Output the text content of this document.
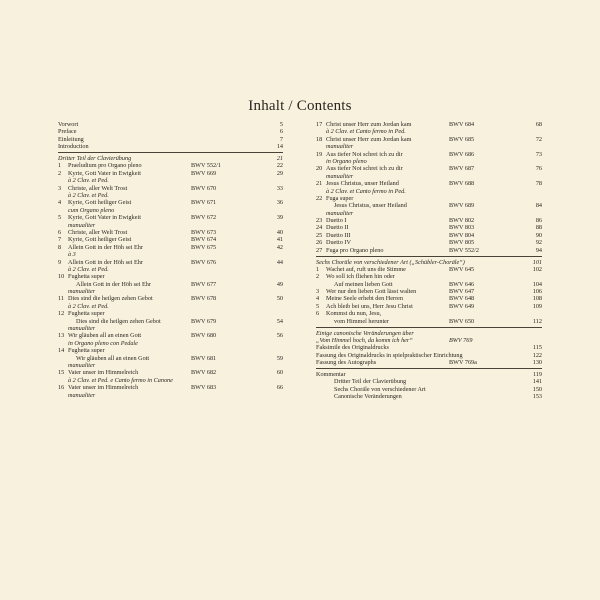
Inhalt / Contents
Vorwort	5
Preface	6
Einleitung	7
Introduction	14
Dritter Teil der Clavierübung	21
1	Praeludium pro Organo pleno	BWV 552/1	22
2	Kyrie, Gott Vater in Ewigkeit	BWV 669	29
à 2 Clav. et Ped.
3	Christe, aller Welt Trost	BWV 670	33
à 2 Clav. et Ped.
4	Kyrie, Gott heiliger Geist	BWV 671	36
cum Organo pleno
5	Kyrie, Gott Vater in Ewigkeit	BWV 672	39
manualiter
6	Christe, aller Welt Trost	BWV 673	40
7	Kyrie, Gott heiliger Geist	BWV 674	41
8	Allein Gott in der Höh sei Ehr	BWV 675	42
à 3
9	Allein Gott in der Höh sei Ehr	BWV 676	44
à 2 Clav. et Ped.
10 Fughetta super
Allein Gott in der Höh sei Ehr	BWV 677	49
manualiter
11 Dies sind die heilgen zehen Gebot	BWV 678	50
à 2 Clav. et Ped.
12 Fughetta super
Dies sind die heilgen zehen Gebot	BWV 679	54
manualiter
13 Wir gläuben all an einen Gott	BWV 680	56
in Organo pleno con Pedale
14 Fughetta super
Wir gläuben all an einen Gott	BWV 681	59
manualiter
15 Vater unser im Himmelreich	BWV 682	60
à 2 Clav. et Ped. e Canto fermo in Canone
16 Vater unser im Himmelreich	BWV 683	66
manualiter
17 Christ unser Herr zum Jordan kam	BWV 684	68
à 2 Clav. et Canto fermo in Ped.
18 Christ unser Herr zum Jordan kam	BWV 685	72
manualiter
19 Aus tiefer Not schrei ich zu dir	BWV 686	73
in Organo pleno
20 Aus tiefer Not schrei ich zu dir	BWV 687	76
manualiter
21 Jesus Christus, unser Heiland	BWV 688	78
à 2 Clav. et Canto fermo in Ped.
22 Fuga super
Jesus Christus, unser Heiland	BWV 689	84
manualiter
23 Duetto I	BWV 802	86
24 Duetto II	BWV 803	88
25 Duetto III	BWV 804	90
26 Duetto IV	BWV 805	92
27 Fuga pro Organo pleno	BWV 552/2	94
Sechs Choräle von verschiedener Art („Schübler-Choräle“)	101
1	Wachet auf, ruft uns die Stimme	BWV 645	102
2	Wo soll ich fliehen hin oder
Auf meinen lieben Gott	BWV 646	104
3	Wer nur den lieben Gott lässt walten	BWV 647	106
4	Meine Seele erhebt den Herren	BWV 648	108
5	Ach bleib bei uns, Herr Jesu Christ	BWV 649	109
6	Kommst du nun, Jesu,
vom Himmel herunter	BWV 650	112
Einige canonische Veränderungen über
„Vom Himmel hoch, da komm ich her“	BWV 769
Faksimile des Originaldrucks	115
Fassung des Originaldrucks in spielpraktischer Einrichtung	122
Fassung des Autographs	BWV 769a	130
Kommentar	119
Dritter Teil der Clavierübung	141
Sechs Choräle von verschiedener Art	150
Canonische Veränderungen	153
